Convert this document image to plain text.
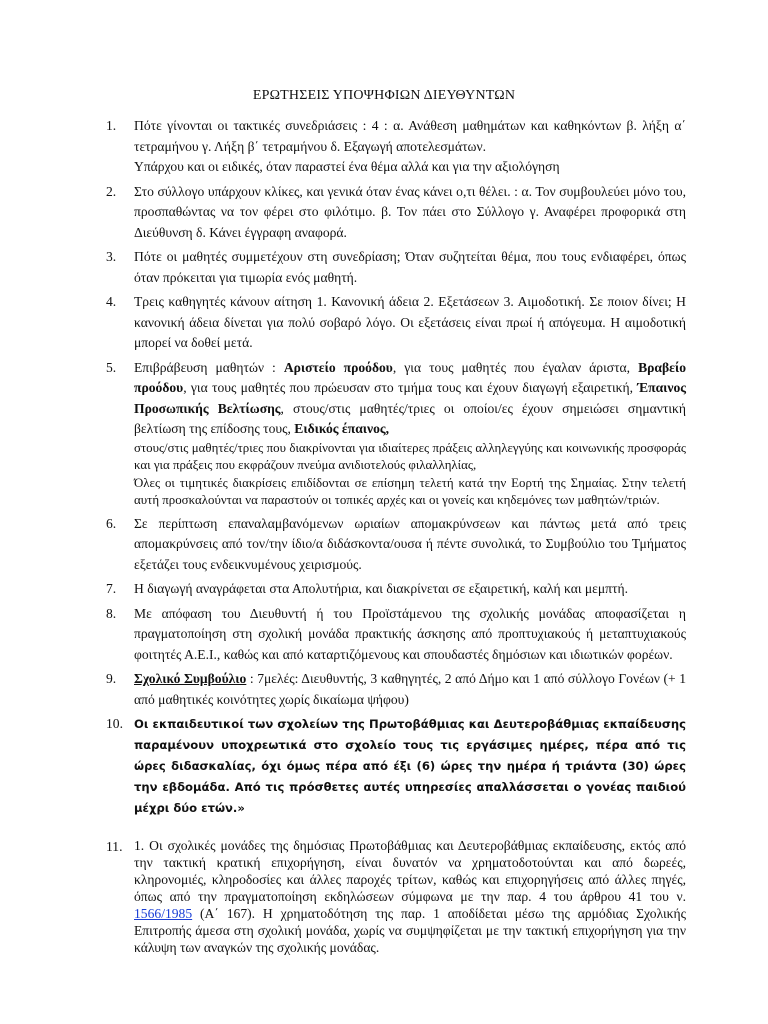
ΕΡΩΤΗΣΕΙΣ ΥΠΟΨΗΦΙΩΝ ΔΙΕΥΘΥΝΤΩΝ
1.	Πότε γίνονται οι τακτικές συνεδριάσεις : 4 : α. Ανάθεση μαθημάτων και καθηκόντων β. λήξη α΄ τετραμήνου γ. Λήξη β΄ τετραμήνου δ. Εξαγωγή αποτελεσμάτων.

Υπάρχου και οι ειδικές, όταν παραστεί ένα θέμα αλλά και για την αξιολόγηση

2.	Στο σύλλογο υπάρχουν κλίκες, και γενικά όταν ένας κάνει ο,τι θέλει. : α. Τον συμβουλεύει μόνο του, προσπαθώντας να τον φέρει στο φιλότιμο. β. Τον πάει στο Σύλλογο γ. Αναφέρει προφορικά στη Διεύθυνση δ. Κάνει έγγραφη αναφορά.

3.	Πότε οι μαθητές συμμετέχουν στη συνεδρίαση; Όταν συζητείται θέμα, που τους ενδιαφέρει, όπως όταν πρόκειται για τιμωρία ενός μαθητή.

4.	Τρεις καθηγητές κάνουν αίτηση 1. Κανονική άδεια 2. Εξετάσεων 3. Αιμοδοτική. Σε ποιον δίνει; Η κανονική άδεια δίνεται για πολύ σοβαρό λόγο. Οι εξετάσεις είναι πρωί ή απόγευμα. Η αιμοδοτική μπορεί να δοθεί μετά.

5.	Επιβράβευση μαθητών : Αριστείο προόδου, για τους μαθητές που έγαλαν άριστα, Βραβείο προόδου, για τους μαθητές που πρώευσαν στο τμήμα τους και έχουν διαγωγή εξαιρετική, Έπαινος Προσωπικής Βελτίωσης, στους/στις μαθητές/τριες οι οποίοι/ες έχουν σημειώσει σημαντική βελτίωση της επίδοσης τους, Ειδικός έπαινος,

στους/στις μαθητές/τριες που διακρίνονται για ιδιαίτερες πράξεις αλληλεγγύης και κοινωνικής προσφοράς και για πράξεις που εκφράζουν πνεύμα ανιδιοτελούς φιλαλληλίας,

Όλες οι τιμητικές διακρίσεις επιδίδονται σε επίσημη τελετή κατά την Εορτή της Σημαίας. Στην τελετή αυτή προσκαλούνται να παραστούν οι τοπικές αρχές και οι γονείς και κηδεμόνες των μαθητών/τριών.

6.	Σε περίπτωση επαναλαμβανόμενων ωριαίων απομακρύνσεων και πάντως μετά από τρεις απομακρύνσεις από τον/την ίδιο/α διδάσκοντα/ουσα ή πέντε συνολικά, το Συμβούλιο του Τμήματος εξετάζει τους ενδεικνυμένους χειρισμούς.

7.	Η διαγωγή αναγράφεται στα Απολυτήρια, και διακρίνεται σε εξαιρετική, καλή και μεμπτή.

8.	Με απόφαση του Διευθυντή ή του Προϊστάμενου της σχολικής μονάδας αποφασίζεται η πραγματοποίηση στη σχολική μονάδα πρακτικής άσκησης από προπτυχιακούς ή μεταπτυχιακούς φοιτητές Α.Ε.Ι., καθώς και από καταρτιζόμενους και σπουδαστές δημόσιων και ιδιωτικών φορέων.

9.	Σχολικό Συμβούλιο : 7μελές: Διευθυντής, 3 καθηγητές, 2 από Δήμο και 1 από σύλλογο Γονέων (+ 1 από μαθητικές κοινότητες χωρίς δικαίωμα ψήφου)

10. Οι εκπαιδευτικοί των σχολείων της Πρωτοβάθμιας και Δευτεροβάθμιας εκπαίδευσης παραμένουν υποχρεωτικά στο σχολείο τους τις εργάσιμες ημέρες, πέρα από τις ώρες διδασκαλίας, όχι όμως πέρα από έξι (6) ώρες την ημέρα ή τριάντα (30) ώρες την εβδομάδα. Από τις πρόσθετες αυτές υπηρεσίες απαλλάσσεται ο γονέας παιδιού μέχρι δύο ετών.»

11. 1. Οι σχολικές μονάδες της δημόσιας Πρωτοβάθμιας και Δευτεροβάθμιας εκπαίδευσης, εκτός από την τακτική κρατική επιχορήγηση, είναι δυνατόν να χρηματοδοτούνται και από δωρεές, κληρονομιές, κληροδοσίες και άλλες παροχές τρίτων, καθώς και επιχορηγήσεις από άλλες πηγές, όπως από την πραγματοποίηση εκδηλώσεων σύμφωνα με την παρ. 4 του άρθρου 41 του ν. 1566/1985 (Α΄ 167). Η χρηματοδότηση της παρ. 1 αποδίδεται μέσω της αρμόδιας Σχολικής Επιτροπής άμεσα στη σχολική μονάδα, χωρίς να συμψηφίζεται με την τακτική επιχορήγηση για την κάλυψη των αναγκών της σχολικής μονάδας.
